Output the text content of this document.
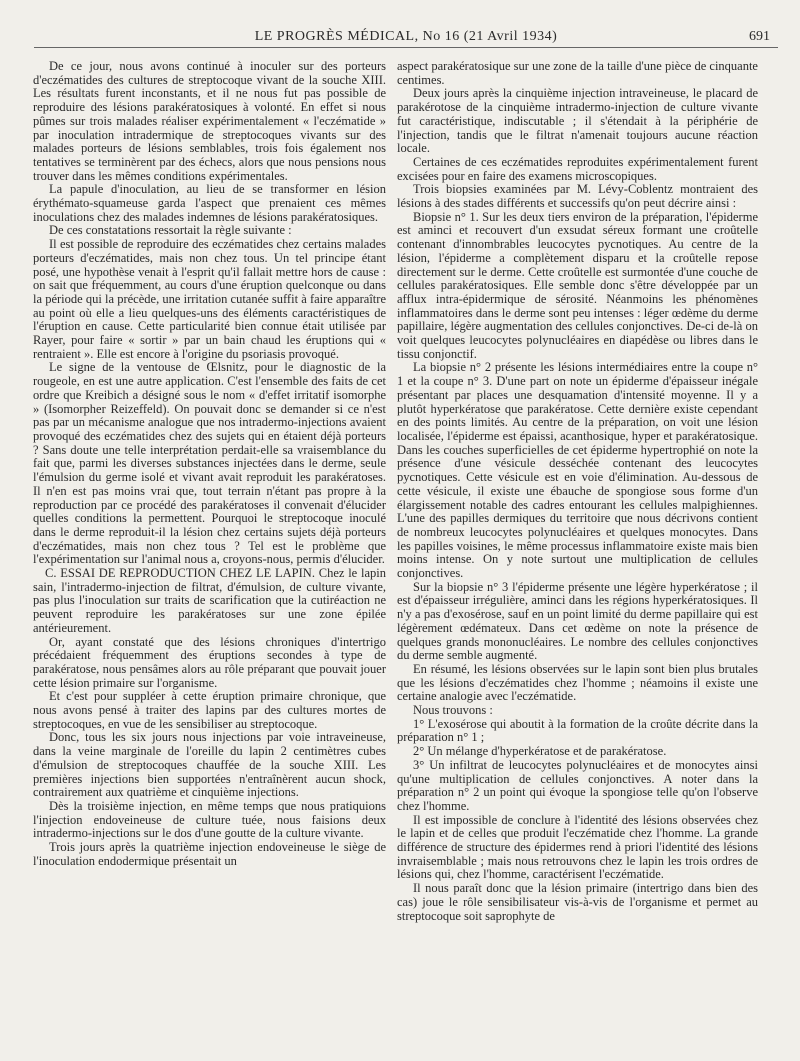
LE PROGRÈS MÉDICAL, No 16 (21 Avril 1934)	691

De ce jour, nous avons continué à inoculer sur des porteurs d'eczématides des cultures de streptocoque vivant de la souche XIII. Les résultats furent inconstants, et il ne nous fut pas possible de reproduire des lésions parakératosiques à volonté. En effet si nous pûmes sur trois malades réaliser expérimentalement « l'eczématide » par inoculation intradermique de streptocoques vivants sur des malades porteurs de lésions semblables, trois fois également nos tentatives se terminèrent par des échecs, alors que nous pensions nous trouver dans les mêmes conditions expérimentales.

La papule d'inoculation, au lieu de se transformer en lésion érythémato-squameuse garda l'aspect que prenaient ces mêmes inoculations chez des malades indemnes de lésions parakératosiques.

De ces constatations ressortait la règle suivante :

Il est possible de reproduire des eczématides chez certains malades porteurs d'eczématides, mais non chez tous. Un tel principe étant posé, une hypothèse venait à l'esprit qu'il fallait mettre hors de cause : on sait que fréquemment, au cours d'une éruption quelconque ou dans la période qui la précède, une irritation cutanée suffit à faire apparaître au point où elle a lieu quelques-uns des éléments caractéristiques de l'éruption en cause. Cette particularité bien connue était utilisée par Rayer, pour faire « sortir » par un bain chaud les éruptions qui « rentraient ». Elle est encore à l'origine du psoriasis provoqué.

Le signe de la ventouse de Œlsnitz, pour le diagnostic de la rougeole, en est une autre application. C'est l'ensemble des faits de cet ordre que Kreibich a désigné sous le nom « d'effet irritatif isomorphe » (Isomorpher Reizeffeld). On pouvait donc se demander si ce n'est pas par un mécanisme analogue que nos intradermo-injections avaient provoqué des eczématides chez des sujets qui en étaient déjà porteurs ? Sans doute une telle interprétation perdait-elle sa vraisemblance du fait que, parmi les diverses substances injectées dans le derme, seule l'émulsion du germe isolé et vivant avait reproduit les parakératoses. Il n'en est pas moins vrai que, tout terrain n'étant pas propre à la reproduction par ce procédé des parakératoses il convenait d'élucider quelles conditions la permettent. Pourquoi le streptocoque inoculé dans le derme reproduit-il la lésion chez certains sujets déjà porteurs d'eczématides, mais non chez tous ? Tel est le problème que l'expérimentation sur l'animal nous a, croyons-nous, permis d'élucider.

C. ESSAI DE REPRODUCTION CHEZ LE LAPIN. Chez le lapin sain, l'intradermo-injection de filtrat, d'émulsion, de culture vivante, pas plus l'inoculation sur traits de scarification que la cutiréaction ne peuvent reproduire les parakératoses sur une zone épilée antérieurement.

Or, ayant constaté que des lésions chroniques d'intertrigo précédaient fréquemment des éruptions secondes à type de parakératose, nous pensâmes alors au rôle préparant que pouvait jouer cette lésion primaire sur l'organisme.

Et c'est pour suppléer à cette éruption primaire chronique, que nous avons pensé à traiter des lapins par des cultures mortes de streptocoques, en vue de les sensibiliser au streptocoque.

Donc, tous les six jours nous injections par voie intraveineuse, dans la veine marginale de l'oreille du lapin 2 centimètres cubes d'émulsion de streptocoques chauffée de la souche XIII. Les premières injections bien supportées n'entraînèrent aucun shock, contrairement aux quatrième et cinquième injections.

Dès la troisième injection, en même temps que nous pratiquions l'injection endoveineuse de culture tuée, nous faisions deux intradermo-injections sur le dos d'une goutte de la culture vivante.

Trois jours après la quatrième injection endoveineuse le siège de l'inoculation endodermique présentait un

aspect parakératosique sur une zone de la taille d'une pièce de cinquante centimes.

Deux jours après la cinquième injection intraveineuse, le placard de parakérotose de la cinquième intradermo-injection de culture vivante fut caractéristique, indiscutable ; il s'étendait à la périphérie de l'injection, tandis que le filtrat n'amenait toujours aucune réaction locale.

Certaines de ces eczématides reproduites expérimentalement furent excisées pour en faire des examens microscopiques.

Trois biopsies examinées par M. Lévy-Coblentz montraient des lésions à des stades différents et successifs qu'on peut décrire ainsi :

Biopsie n° 1. Sur les deux tiers environ de la préparation, l'épiderme est aminci et recouvert d'un exsudat séreux formant une croûtelle contenant d'innombrables leucocytes pycnotiques. Au centre de la lésion, l'épiderme a complètement disparu et la croûtelle repose directement sur le derme. Cette croûtelle est surmontée d'une couche de cellules parakératosiques. Elle semble donc s'être développée par un afflux intra-épidermique de sérosité. Néanmoins les phénomènes inflammatoires dans le derme sont peu intenses : léger œdème du derme papillaire, légère augmentation des cellules conjonctives. De-ci de-là on voit quelques leucocytes polynucléaires en diapédèse ou libres dans le tissu conjonctif.

La biopsie n° 2 présente les lésions intermédiaires entre la coupe n° 1 et la coupe n° 3. D'une part on note un épiderme d'épaisseur inégale présentant par places une desquamation d'intensité moyenne. Il y a plutôt hyperkératose que parakératose. Cette dernière existe cependant en des points limités. Au centre de la préparation, on voit une lésion localisée, l'épiderme est épaissi, acanthosique, hyper et parakératosique. Dans les couches superficielles de cet épiderme hypertrophié on note la présence d'une vésicule desséchée contenant des leucocytes pycnotiques. Cette vésicule est en voie d'élimination. Au-dessous de cette vésicule, il existe une ébauche de spongiose sous forme d'un élargissement notable des cadres entourant les cellules malpighiennes. L'une des papilles dermiques du territoire que nous décrivons contient de nombreux leucocytes polynucléaires et quelques monocytes. Dans les papilles voisines, le même processus inflammatoire existe mais bien moins intense. On y note surtout une multiplication de cellules conjonctives.

Sur la biopsie n° 3 l'épiderme présente une légère hyperkératose ; il est d'épaisseur irrégulière, aminci dans les régions hyperkératosiques. Il n'y a pas d'exosérose, sauf en un point limité du derme papillaire qui est légèrement œdémateux. Dans cet œdème on note la présence de quelques grands mononucléaires. Le nombre des cellules conjonctives du derme semble augmenté.

En résumé, les lésions observées sur le lapin sont bien plus brutales que les lésions d'eczématides chez l'homme ; néamoins il existe une certaine analogie avec l'eczématide.

Nous trouvons :

1° L'exosérose qui aboutit à la formation de la croûte décrite dans la préparation n° 1 ;

2° Un mélange d'hyperkératose et de parakératose.

3° Un infiltrat de leucocytes polynucléaires et de monocytes ainsi qu'une multiplication de cellules conjonctives. A noter dans la préparation n° 2 un point qui évoque la spongiose telle qu'on l'observe chez l'homme.

Il est impossible de conclure à l'identité des lésions observées chez le lapin et de celles que produit l'eczématide chez l'homme. La grande différence de structure des épidermes rend à priori l'identité des lésions invraisemblable ; mais nous retrouvons chez le lapin les trois ordres de lésions qui, chez l'homme, caractérisent l'eczématide.

Il nous paraît donc que la lésion primaire (intertrigo dans bien des cas) joue le rôle sensibilisateur vis-à-vis de l'organisme et permet au streptocoque soit saprophyte de
